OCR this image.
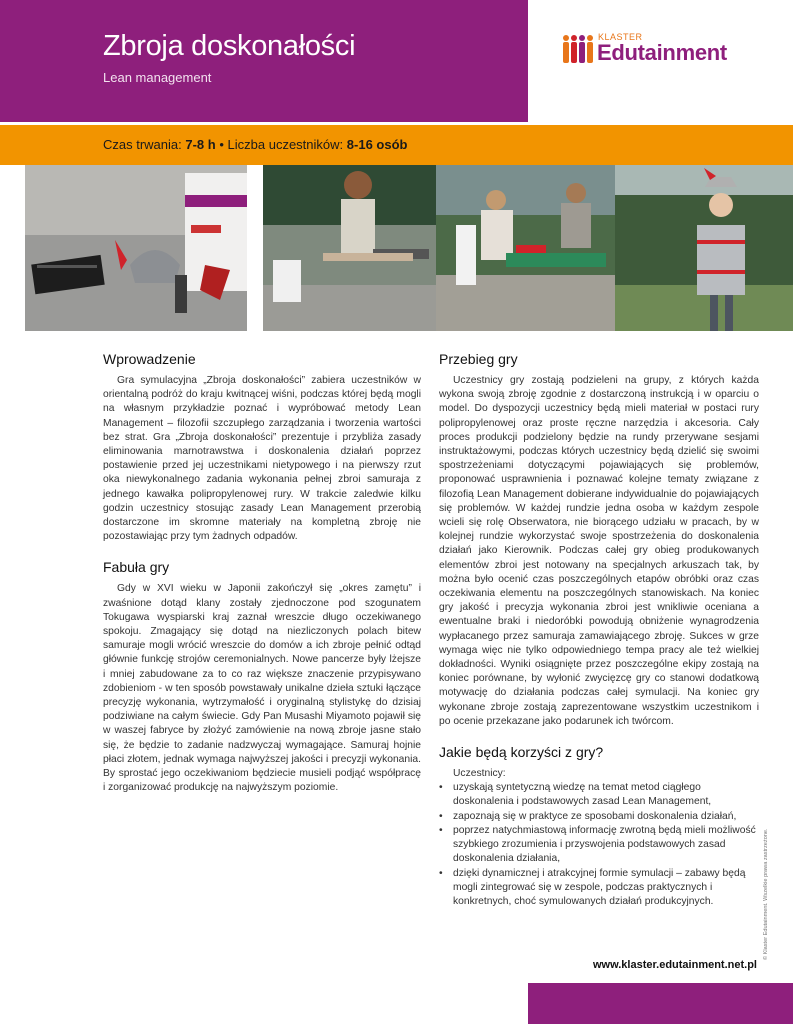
Zbroja doskonałości
Lean management
KLASTER
Edutainment
Czas trwania: 7-8 h • Liczba uczestników: 8-16 osób
Wprowadzenie

Gra symulacyjna „Zbroja doskonałości” zabiera uczestników w orientalną podróż do kraju kwitnącej wiśni, podczas której będą mogli na własnym przykładzie poznać i wypróbować metody Lean Management – filozofii szczupłego zarządzania i tworzenia wartości bez strat. Gra „Zbroja doskonałości” prezentuje i przybliża zasady eliminowania marnotrawstwa i doskonalenia działań poprzez postawienie przed jej uczestnikami nietypowego i na pierwszy rzut oka niewykonalnego zadania wykonania pełnej zbroi samuraja z jednego kawałka polipropylenowej rury. W trakcie zaledwie kilku godzin uczestnicy stosując zasady Lean Management przerobią dostarczone im skromne materiały na kompletną zbroję nie pozostawiając przy tym żadnych odpadów.

Fabuła gry

Gdy w XVI wieku w Japonii zakończył się „okres zamętu” i zwaśnione dotąd klany zostały zjednoczone pod szogunatem Tokugawa wyspiarski kraj zaznał wreszcie długo oczekiwanego spokoju. Zmagający się dotąd na niezliczonych polach bitew samuraje mogli wrócić wreszcie do domów a ich zbroje pełnić odtąd głównie funkcję strojów ceremonialnych. Nowe pancerze były lżejsze i mniej zabudowane za to co raz większe znaczenie przypisywano zdobieniom - w ten sposób powstawały unikalne dzieła sztuki łączące precyzję wykonania, wytrzymałość i oryginalną stylistykę do dzisiaj podziwiane na całym świecie. Gdy Pan Musashi Miyamoto pojawił się w waszej fabryce by złożyć zamówienie na nową zbroje jasne stało się, że będzie to zadanie nadzwyczaj wymagające. Samuraj hojnie płaci złotem, jednak wymaga najwyższej jakości i precyzji wykonania. By sprostać jego oczekiwaniom będziecie musieli podjąć współpracę i zorganizować produkcję na najwyższym poziomie.

Przebieg gry

Uczestnicy gry zostają podzieleni na grupy, z których każda wykona swoją zbroję zgodnie z dostarczoną instrukcją i w oparciu o model. Do dyspozycji uczestnicy będą mieli materiał w postaci rury polipropylenowej oraz proste ręczne narzędzia i akcesoria. Cały proces produkcji podzielony będzie na rundy przerywane sesjami instruktażowymi, podczas których uczestnicy będą dzielić się swoimi spostrzeżeniami dotyczącymi pojawiających się problemów, proponować usprawnienia i poznawać kolejne tematy związane z filozofią Lean Management dobierane indywidualnie do pojawiających się problemów. W każdej rundzie jedna osoba w każdym zespole wcieli się rolę Obserwatora, nie biorącego udziału w pracach, by w kolejnej rundzie wykorzystać swoje spostrzeżenia do doskonalenia działań jako Kierownik. Podczas całej gry obieg produkowanych elementów zbroi jest notowany na specjalnych arkuszach tak, by można było ocenić czas poszczególnych etapów obróbki oraz czas oczekiwania elementu na poszczególnych stanowiskach. Na koniec gry jakość i precyzja wykonania zbroi jest wnikliwie oceniana a ewentualne braki i niedoróbki powodują obniżenie wynagrodzenia wypłacanego przez samuraja zamawiającego zbroję. Sukces w grze wymaga więc nie tylko odpowiedniego tempa pracy ale też wielkiej dokładności. Wyniki osiągnięte przez poszczególne ekipy zostają na koniec porównane, by wyłonić zwycięzcę gry co stanowi dodatkową motywację do działania podczas całej symulacji. Na koniec gry wykonane zbroje zostają zaprezentowane wszystkim uczestnikom i po ocenie przekazane jako podarunek ich twórcom.

Jakie będą korzyści z gry?
Uczestnicy:
• uzyskają syntetyczną wiedzę na temat metod ciągłego doskonalenia i podstawowych zasad Lean Management,
• zapoznają się w praktyce ze sposobami doskonalenia działań,
• poprzez natychmiastową informację zwrotną będą mieli możliwość szybkiego zrozumienia i przyswojenia podstawowych zasad doskonalenia działania,
• dzięki dynamicznej i atrakcyjnej formie symulacji – zabawy będą mogli zintegrować się w zespole, podczas praktycznych i konkretnych, choć symulowanych działań produkcyjnych.	© Klaster Edutainment. Wszelkie prawa zastrzeżone.
www.klaster.edutainment.net.pl
